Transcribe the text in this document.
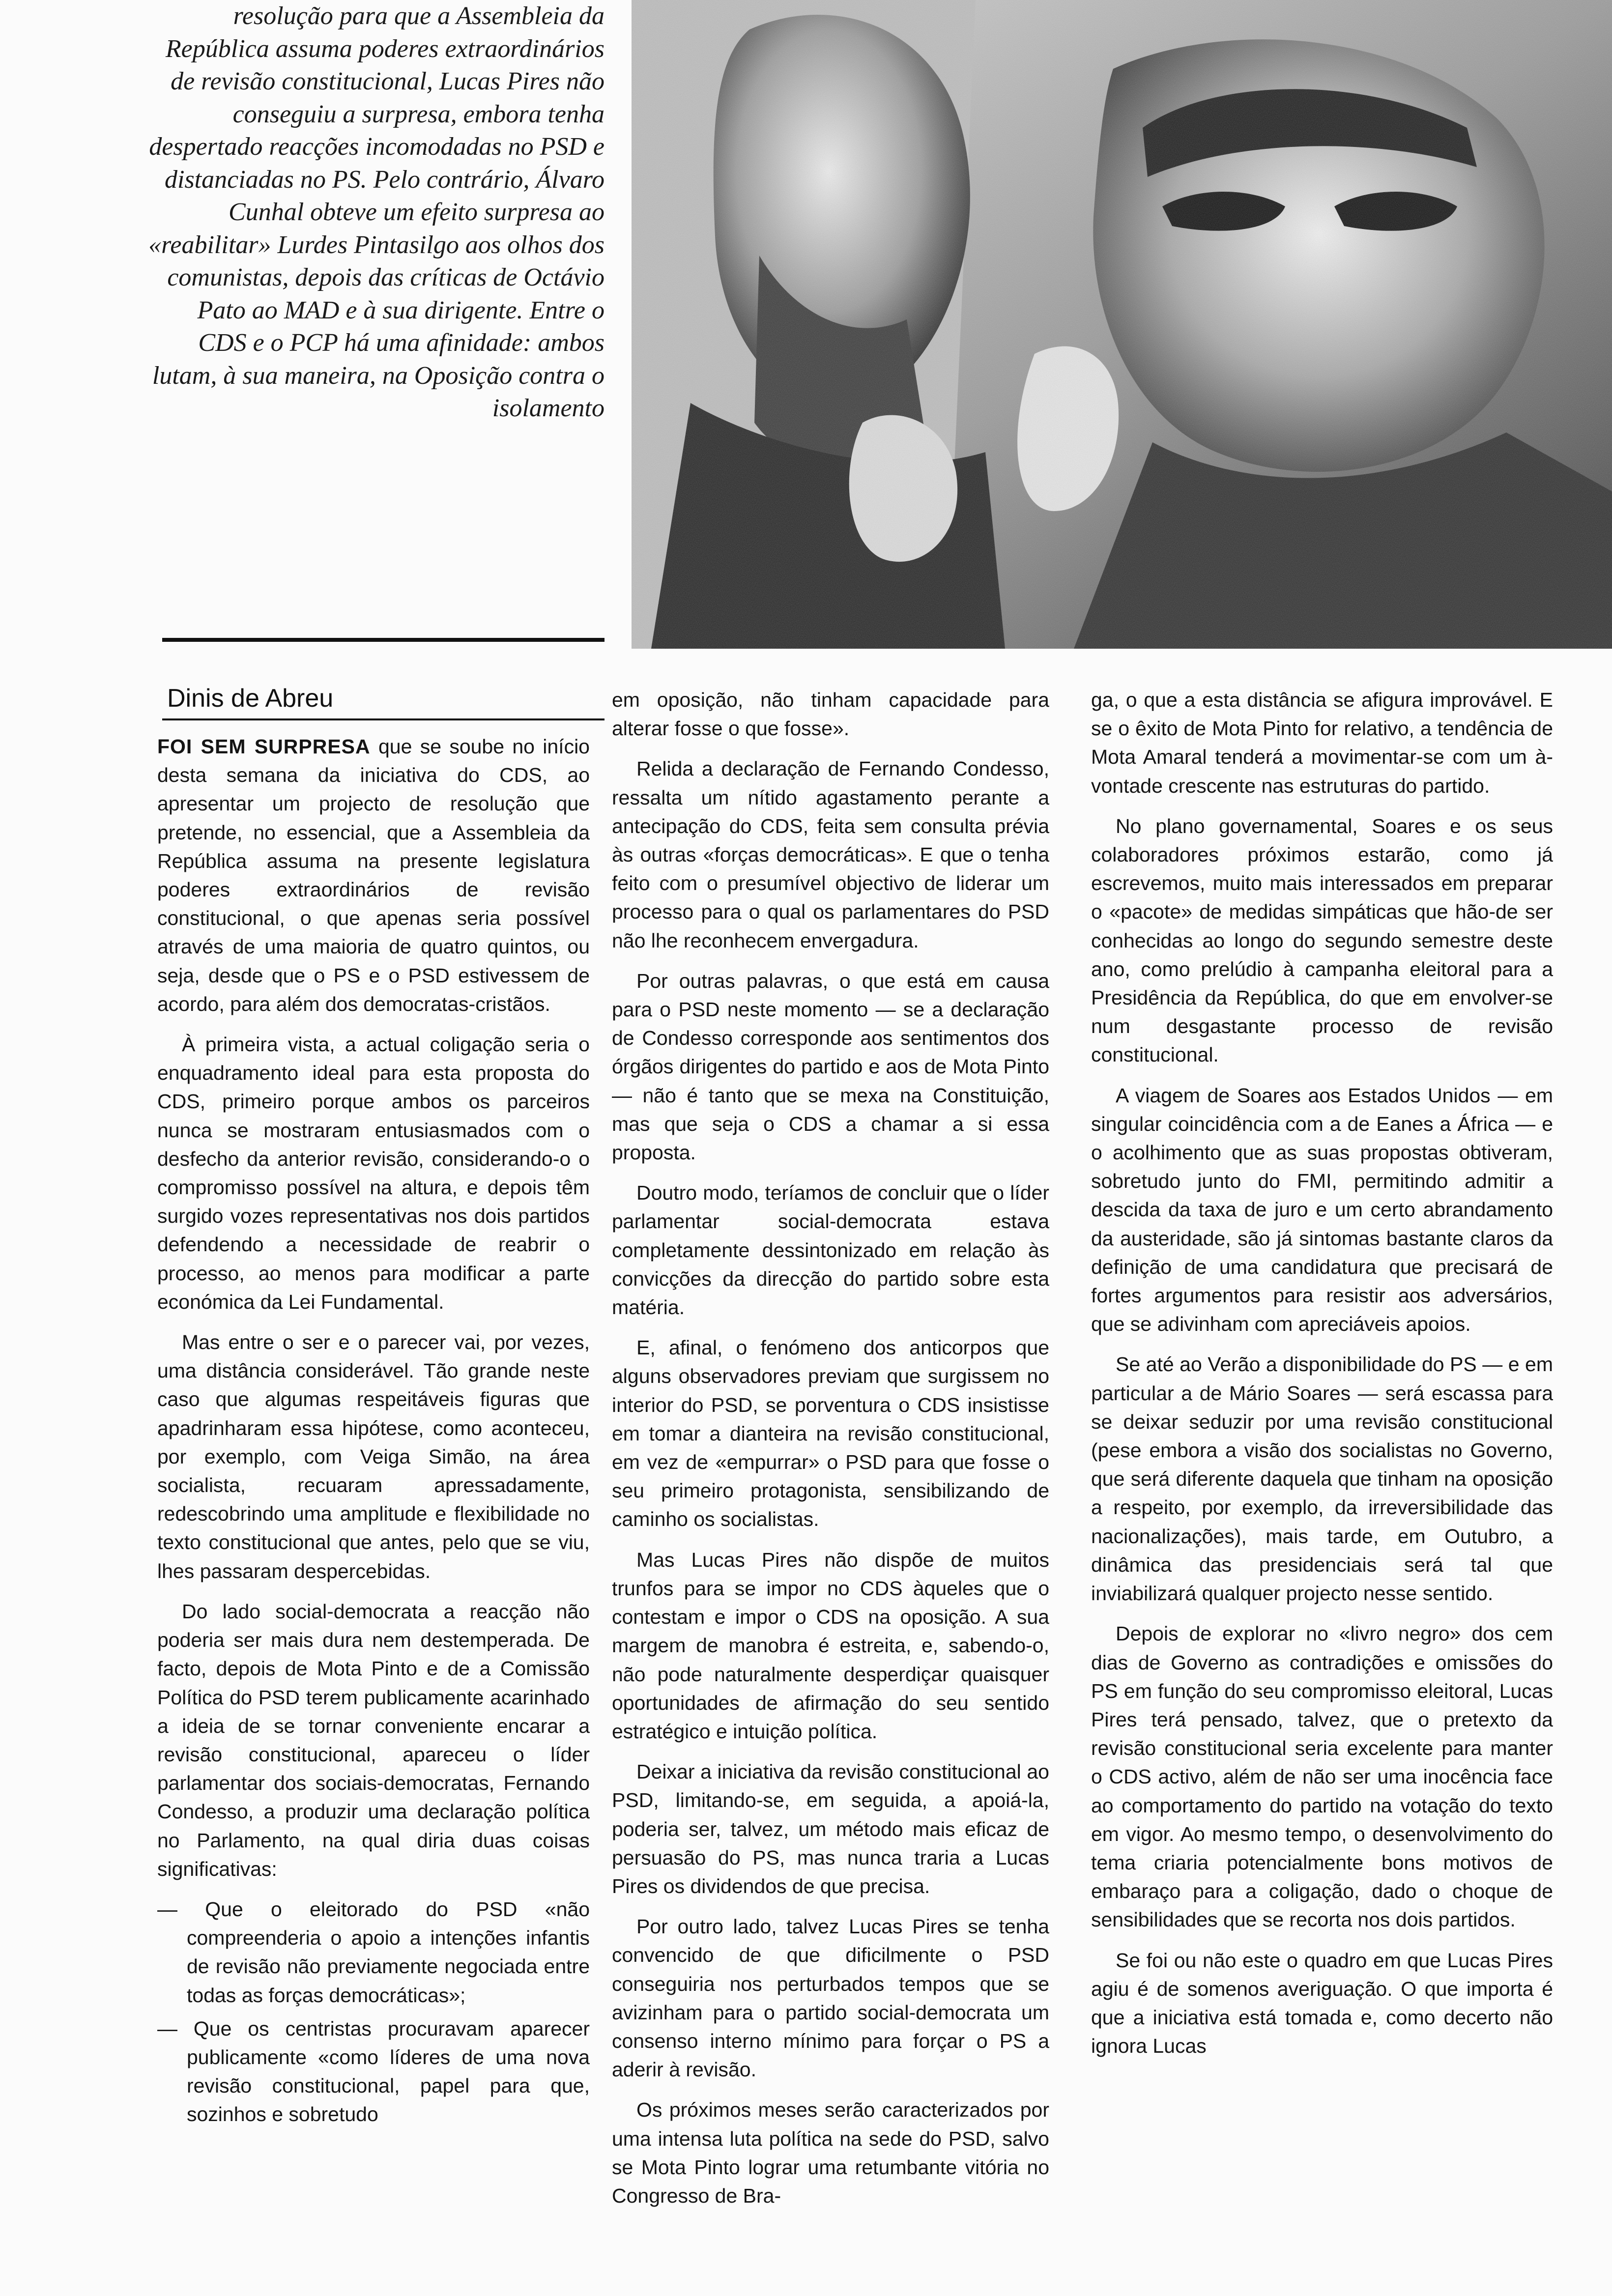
resolução para que a Assembleia da República assuma poderes extraordinários de revisão constitucional, Lucas Pires não conseguiu a surpresa, embora tenha despertado reacções incomodadas no PSD e distanciadas no PS. Pelo contrário, Álvaro Cunhal obteve um efeito surpresa ao «reabilitar» Lurdes Pintasilgo aos olhos dos comunistas, depois das críticas de Octávio Pato ao MAD e à sua dirigente. Entre o CDS e o PCP há uma afinidade: ambos lutam, à sua maneira, na Oposição contra o isolamento

Dinis de Abreu

FOI SEM SURPRESA que se soube no início desta semana da iniciativa do CDS, ao apresentar um projecto de resolução que pretende, no essencial, que a Assembleia da República assuma na presente legislatura poderes extraordinários de revisão constitucional, o que apenas seria possível através de uma maioria de quatro quintos, ou seja, desde que o PS e o PSD estivessem de acordo, para além dos democratas-cristãos.

À primeira vista, a actual coligação seria o enquadramento ideal para esta proposta do CDS, primeiro porque ambos os parceiros nunca se mostraram entusiasmados com o desfecho da anterior revisão, considerando-o o compromisso possível na altura, e depois têm surgido vozes representativas nos dois partidos defendendo a necessidade de reabrir o processo, ao menos para modificar a parte económica da Lei Fundamental.

Mas entre o ser e o parecer vai, por vezes, uma distância considerável. Tão grande neste caso que algumas respeitáveis figuras que apadrinharam essa hipótese, como aconteceu, por exemplo, com Veiga Simão, na área socialista, recuaram apressadamente, redescobrindo uma amplitude e flexibilidade no texto constitucional que antes, pelo que se viu, lhes passaram despercebidas.

Do lado social-democrata a reacção não poderia ser mais dura nem destemperada. De facto, depois de Mota Pinto e de a Comissão Política do PSD terem publicamente acarinhado a ideia de se tornar conveniente encarar a revisão constitucional, apareceu o líder parlamentar dos sociais-democratas, Fernando Condesso, a produzir uma declaração política no Parlamento, na qual diria duas coisas significativas:

— Que o eleitorado do PSD «não compreenderia o apoio a intenções infantis de revisão não previamente negociada entre todas as forças democráticas»;

— Que os centristas procuravam aparecer publicamente «como líderes de uma nova revisão constitucional, papel para que, sozinhos e sobretudo

em oposição, não tinham capacidade para alterar fosse o que fosse».

Relida a declaração de Fernando Condesso, ressalta um nítido agastamento perante a antecipação do CDS, feita sem consulta prévia às outras «forças democráticas». E que o tenha feito com o presumível objectivo de liderar um processo para o qual os parlamentares do PSD não lhe reconhecem envergadura.

Por outras palavras, o que está em causa para o PSD neste momento — se a declaração de Condesso corresponde aos sentimentos dos órgãos dirigentes do partido e aos de Mota Pinto — não é tanto que se mexa na Constituição, mas que seja o CDS a chamar a si essa proposta.

Doutro modo, teríamos de concluir que o líder parlamentar social-democrata estava completamente dessintonizado em relação às convicções da direcção do partido sobre esta matéria.

E, afinal, o fenómeno dos anticorpos que alguns observadores previam que surgissem no interior do PSD, se porventura o CDS insistisse em tomar a dianteira na revisão constitucional, em vez de «empurrar» o PSD para que fosse o seu primeiro protagonista, sensibilizando de caminho os socialistas.

Mas Lucas Pires não dispõe de muitos trunfos para se impor no CDS àqueles que o contestam e impor o CDS na oposição. A sua margem de manobra é estreita, e, sabendo-o, não pode naturalmente desperdiçar quaisquer oportunidades de afirmação do seu sentido estratégico e intuição política.

Deixar a iniciativa da revisão constitucional ao PSD, limitando-se, em seguida, a apoiá-la, poderia ser, talvez, um método mais eficaz de persuasão do PS, mas nunca traria a Lucas Pires os dividendos de que precisa.

Por outro lado, talvez Lucas Pires se tenha convencido de que dificilmente o PSD conseguiria nos perturbados tempos que se avizinham para o partido social-democrata um consenso interno mínimo para forçar o PS a aderir à revisão.

Os próximos meses serão caracterizados por uma intensa luta política na sede do PSD, salvo se Mota Pinto lograr uma retumbante vitória no Congresso de Bra-

ga, o que a esta distância se afigura improvável. E se o êxito de Mota Pinto for relativo, a tendência de Mota Amaral tenderá a movimentar-se com um à-vontade crescente nas estruturas do partido.

No plano governamental, Soares e os seus colaboradores próximos estarão, como já escrevemos, muito mais interessados em preparar o «pacote» de medidas simpáticas que hão-de ser conhecidas ao longo do segundo semestre deste ano, como prelúdio à campanha eleitoral para a Presidência da República, do que em envolver-se num desgastante processo de revisão constitucional.

A viagem de Soares aos Estados Unidos — em singular coincidência com a de Eanes a África — e o acolhimento que as suas propostas obtiveram, sobretudo junto do FMI, permitindo admitir a descida da taxa de juro e um certo abrandamento da austeridade, são já sintomas bastante claros da definição de uma candidatura que precisará de fortes argumentos para resistir aos adversários, que se adivinham com apreciáveis apoios.

Se até ao Verão a disponibilidade do PS — e em particular a de Mário Soares — será escassa para se deixar seduzir por uma revisão constitucional (pese embora a visão dos socialistas no Governo, que será diferente daquela que tinham na oposição a respeito, por exemplo, da irreversibilidade das nacionalizações), mais tarde, em Outubro, a dinâmica das presidenciais será tal que inviabilizará qualquer projecto nesse sentido.

Depois de explorar no «livro negro» dos cem dias de Governo as contradições e omissões do PS em função do seu compromisso eleitoral, Lucas Pires terá pensado, talvez, que o pretexto da revisão constitucional seria excelente para manter o CDS activo, além de não ser uma inocência face ao comportamento do partido na votação do texto em vigor. Ao mesmo tempo, o desenvolvimento do tema criaria potencialmente bons motivos de embaraço para a coligação, dado o choque de sensibilidades que se recorta nos dois partidos.

Se foi ou não este o quadro em que Lucas Pires agiu é de somenos averiguação. O que importa é que a iniciativa está tomada e, como decerto não ignora Lucas
